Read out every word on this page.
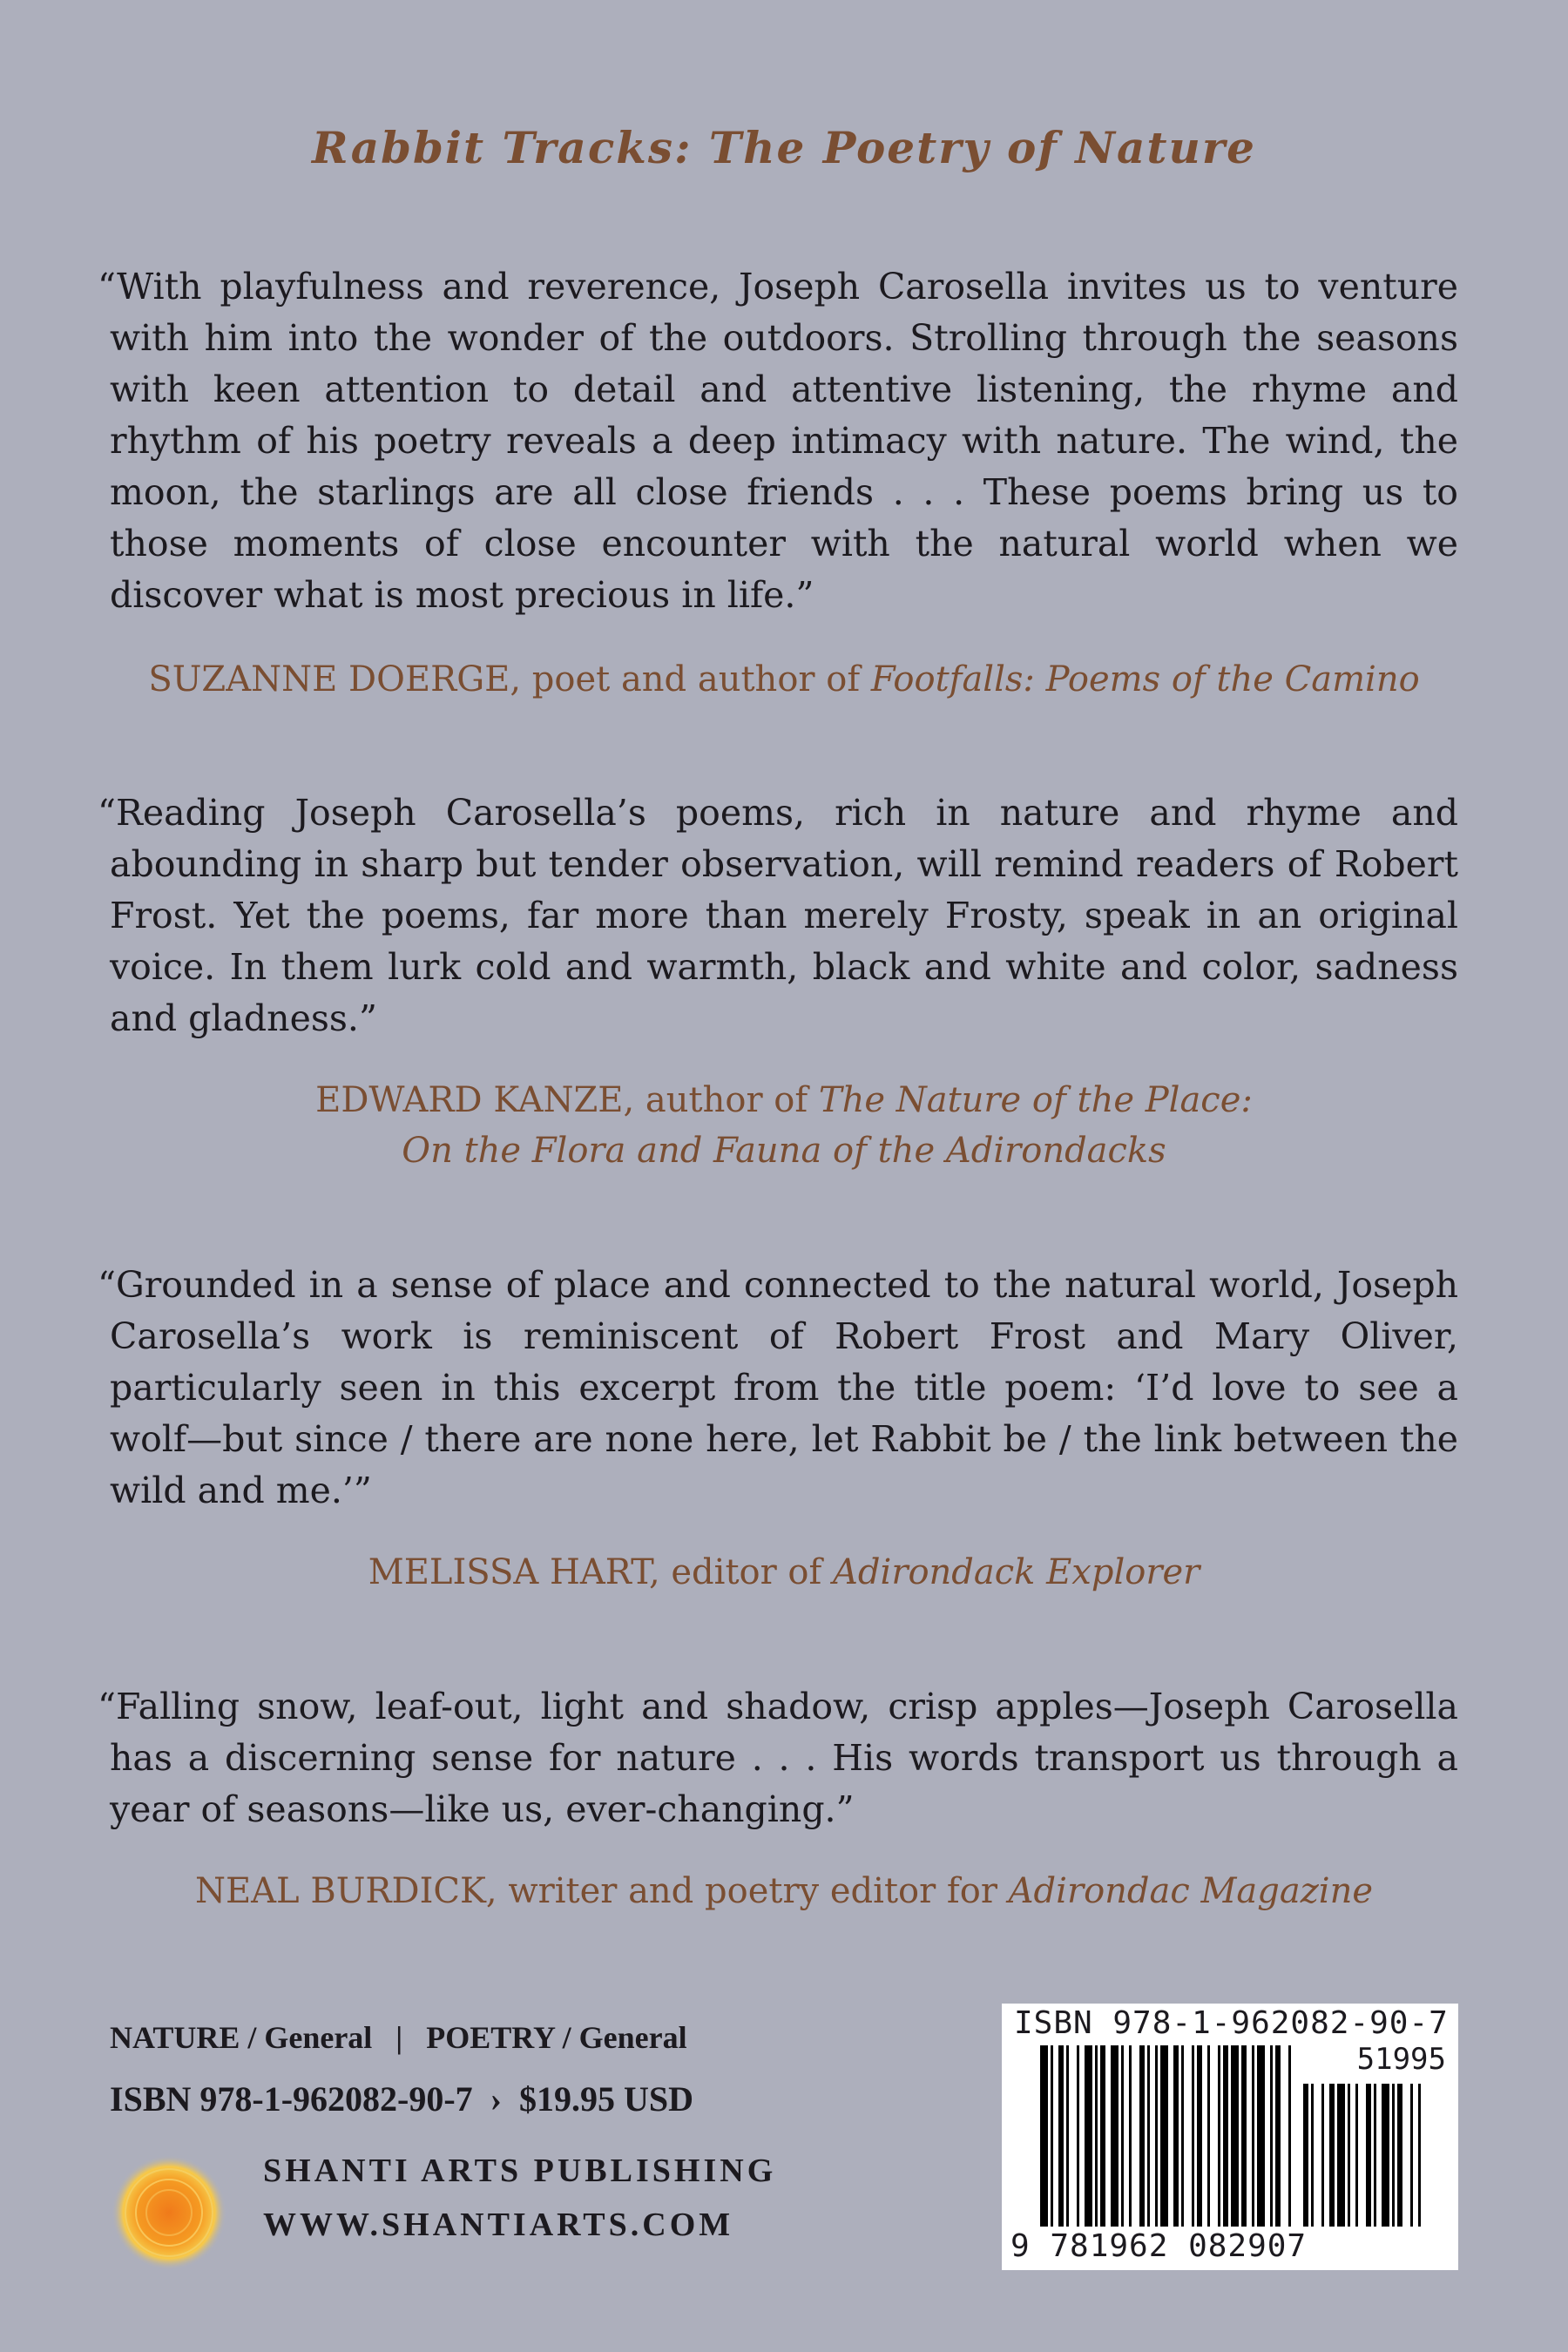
Rabbit Tracks: The Poetry of Nature
“With playfulness and reverence, Joseph Carosella invites us to venture with him into the wonder of the outdoors. Strolling through the seasons with keen attention to detail and attentive listening, the rhyme and rhythm of his poetry reveals a deep intimacy with nature. The wind, the moon, the starlings are all close friends . . . These poems bring us to those moments of close encounter with the natural world when we discover what is most precious in life.”
SUZANNE DOERGE, poet and author of Footfalls: Poems of the Camino
“Reading Joseph Carosella’s poems, rich in nature and rhyme and abounding in sharp but tender observation, will remind readers of Robert Frost. Yet the poems, far more than merely Frosty, speak in an original voice. In them lurk cold and warmth, black and white and color, sadness and gladness.”
EDWARD KANZE, author of The Nature of the Place:
On the Flora and Fauna of the Adirondacks
“Grounded in a sense of place and connected to the natural world, Joseph Carosella’s work is reminiscent of Robert Frost and Mary Oliver, particularly seen in this excerpt from the title poem: ‘I’d love to see a wolf—but since / there are none here, let Rabbit be / the link between the wild and me.’”
MELISSA HART, editor of Adirondack Explorer
“Falling snow, leaf-out, light and shadow, crisp apples—Joseph Carosella has a discerning sense for nature . . . His words transport us through a year of seasons—like us, ever-changing.”
NEAL BURDICK, writer and poetry editor for Adirondac Magazine
NATURE / General   |   POETRY / General
ISBN 978-1-962082-90-7  ›  $19.95 USD
SHANTI ARTS PUBLISHING
WWW.SHANTIARTS.COM
ISBN 978-1-962082-90-7
51995
9 781962 082907
